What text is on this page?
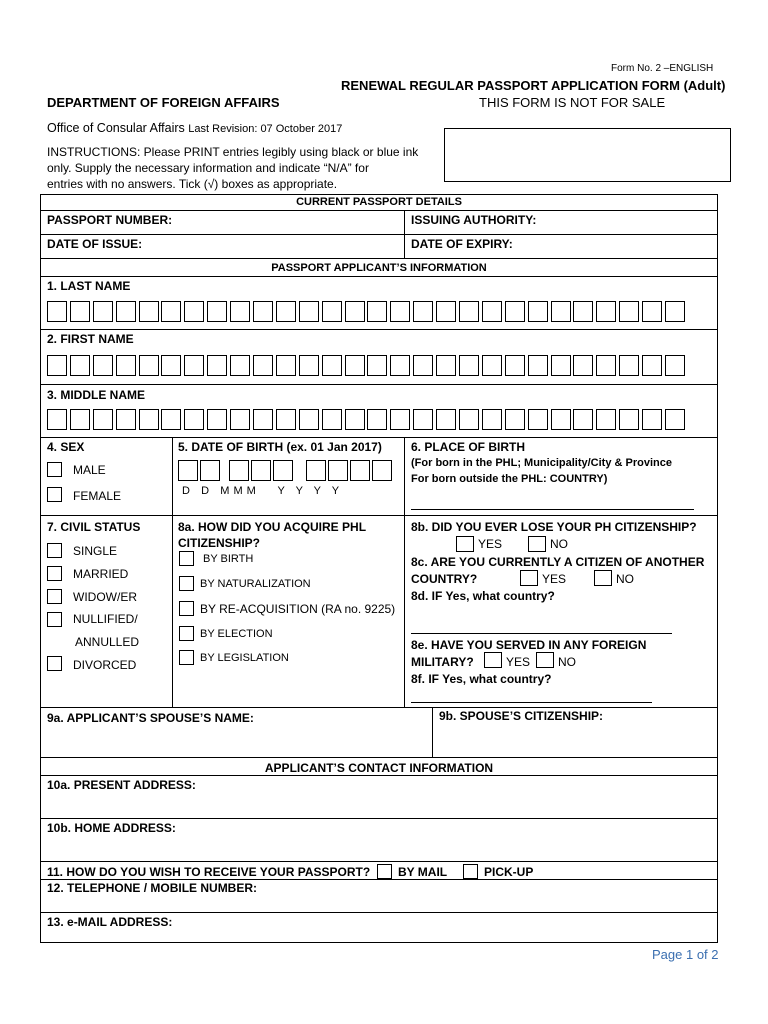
Form No. 2 –ENGLISH
RENEWAL REGULAR PASSPORT APPLICATION FORM (Adult)
DEPARTMENT OF FOREIGN AFFAIRS	THIS FORM IS NOT FOR SALE
Office of Consular Affairs Last Revision: 07 October 2017
INSTRUCTIONS: Please PRINT entries legibly using black or blue ink
only. Supply the necessary information and indicate “N/A” for
entries with no answers. Tick (√) boxes as appropriate.
CURRENT PASSPORT DETAILS
PASSPORT NUMBER:	ISSUING AUTHORITY:
DATE OF ISSUE:	DATE OF EXPIRY:
PASSPORT APPLICANT’S INFORMATION
1. LAST NAME
2. FIRST NAME
3. MIDDLE NAME
4. SEX
MALE
FEMALE
5. DATE OF BIRTH (ex. 01 Jan 2017)
D   D   M M M      Y   Y   Y   Y
6. PLACE OF BIRTH
(For born in the PHL; Municipality/City & Province
For born outside the PHL: COUNTRY)
7. CIVIL STATUS
SINGLE
MARRIED
WIDOW/ER
NULLIFIED/
ANNULLED
DIVORCED
8a. HOW DID YOU ACQUIRE PHL
CITIZENSHIP?
BY BIRTH
BY NATURALIZATION
BY RE-ACQUISITION (RA no. 9225)
BY ELECTION
BY LEGISLATION
8b. DID YOU EVER LOSE YOUR PH CITIZENSHIP?
YES	NO
8c. ARE YOU CURRENTLY A CITIZEN OF ANOTHER
COUNTRY?	YES	NO
8d. IF Yes, what country?
8e. HAVE YOU SERVED IN ANY FOREIGN
MILITARY?	YES NO
8f. IF Yes, what country?
9a. APPLICANT’S SPOUSE’S NAME:	9b. SPOUSE’S CITIZENSHIP:
APPLICANT’S CONTACT INFORMATION
10a. PRESENT ADDRESS:
10b. HOME ADDRESS:
11. HOW DO YOU WISH TO RECEIVE YOUR PASSPORT? BY MAIL	PICK-UP
12. TELEPHONE / MOBILE NUMBER:
13. e-MAIL ADDRESS:
Page 1 of 2
